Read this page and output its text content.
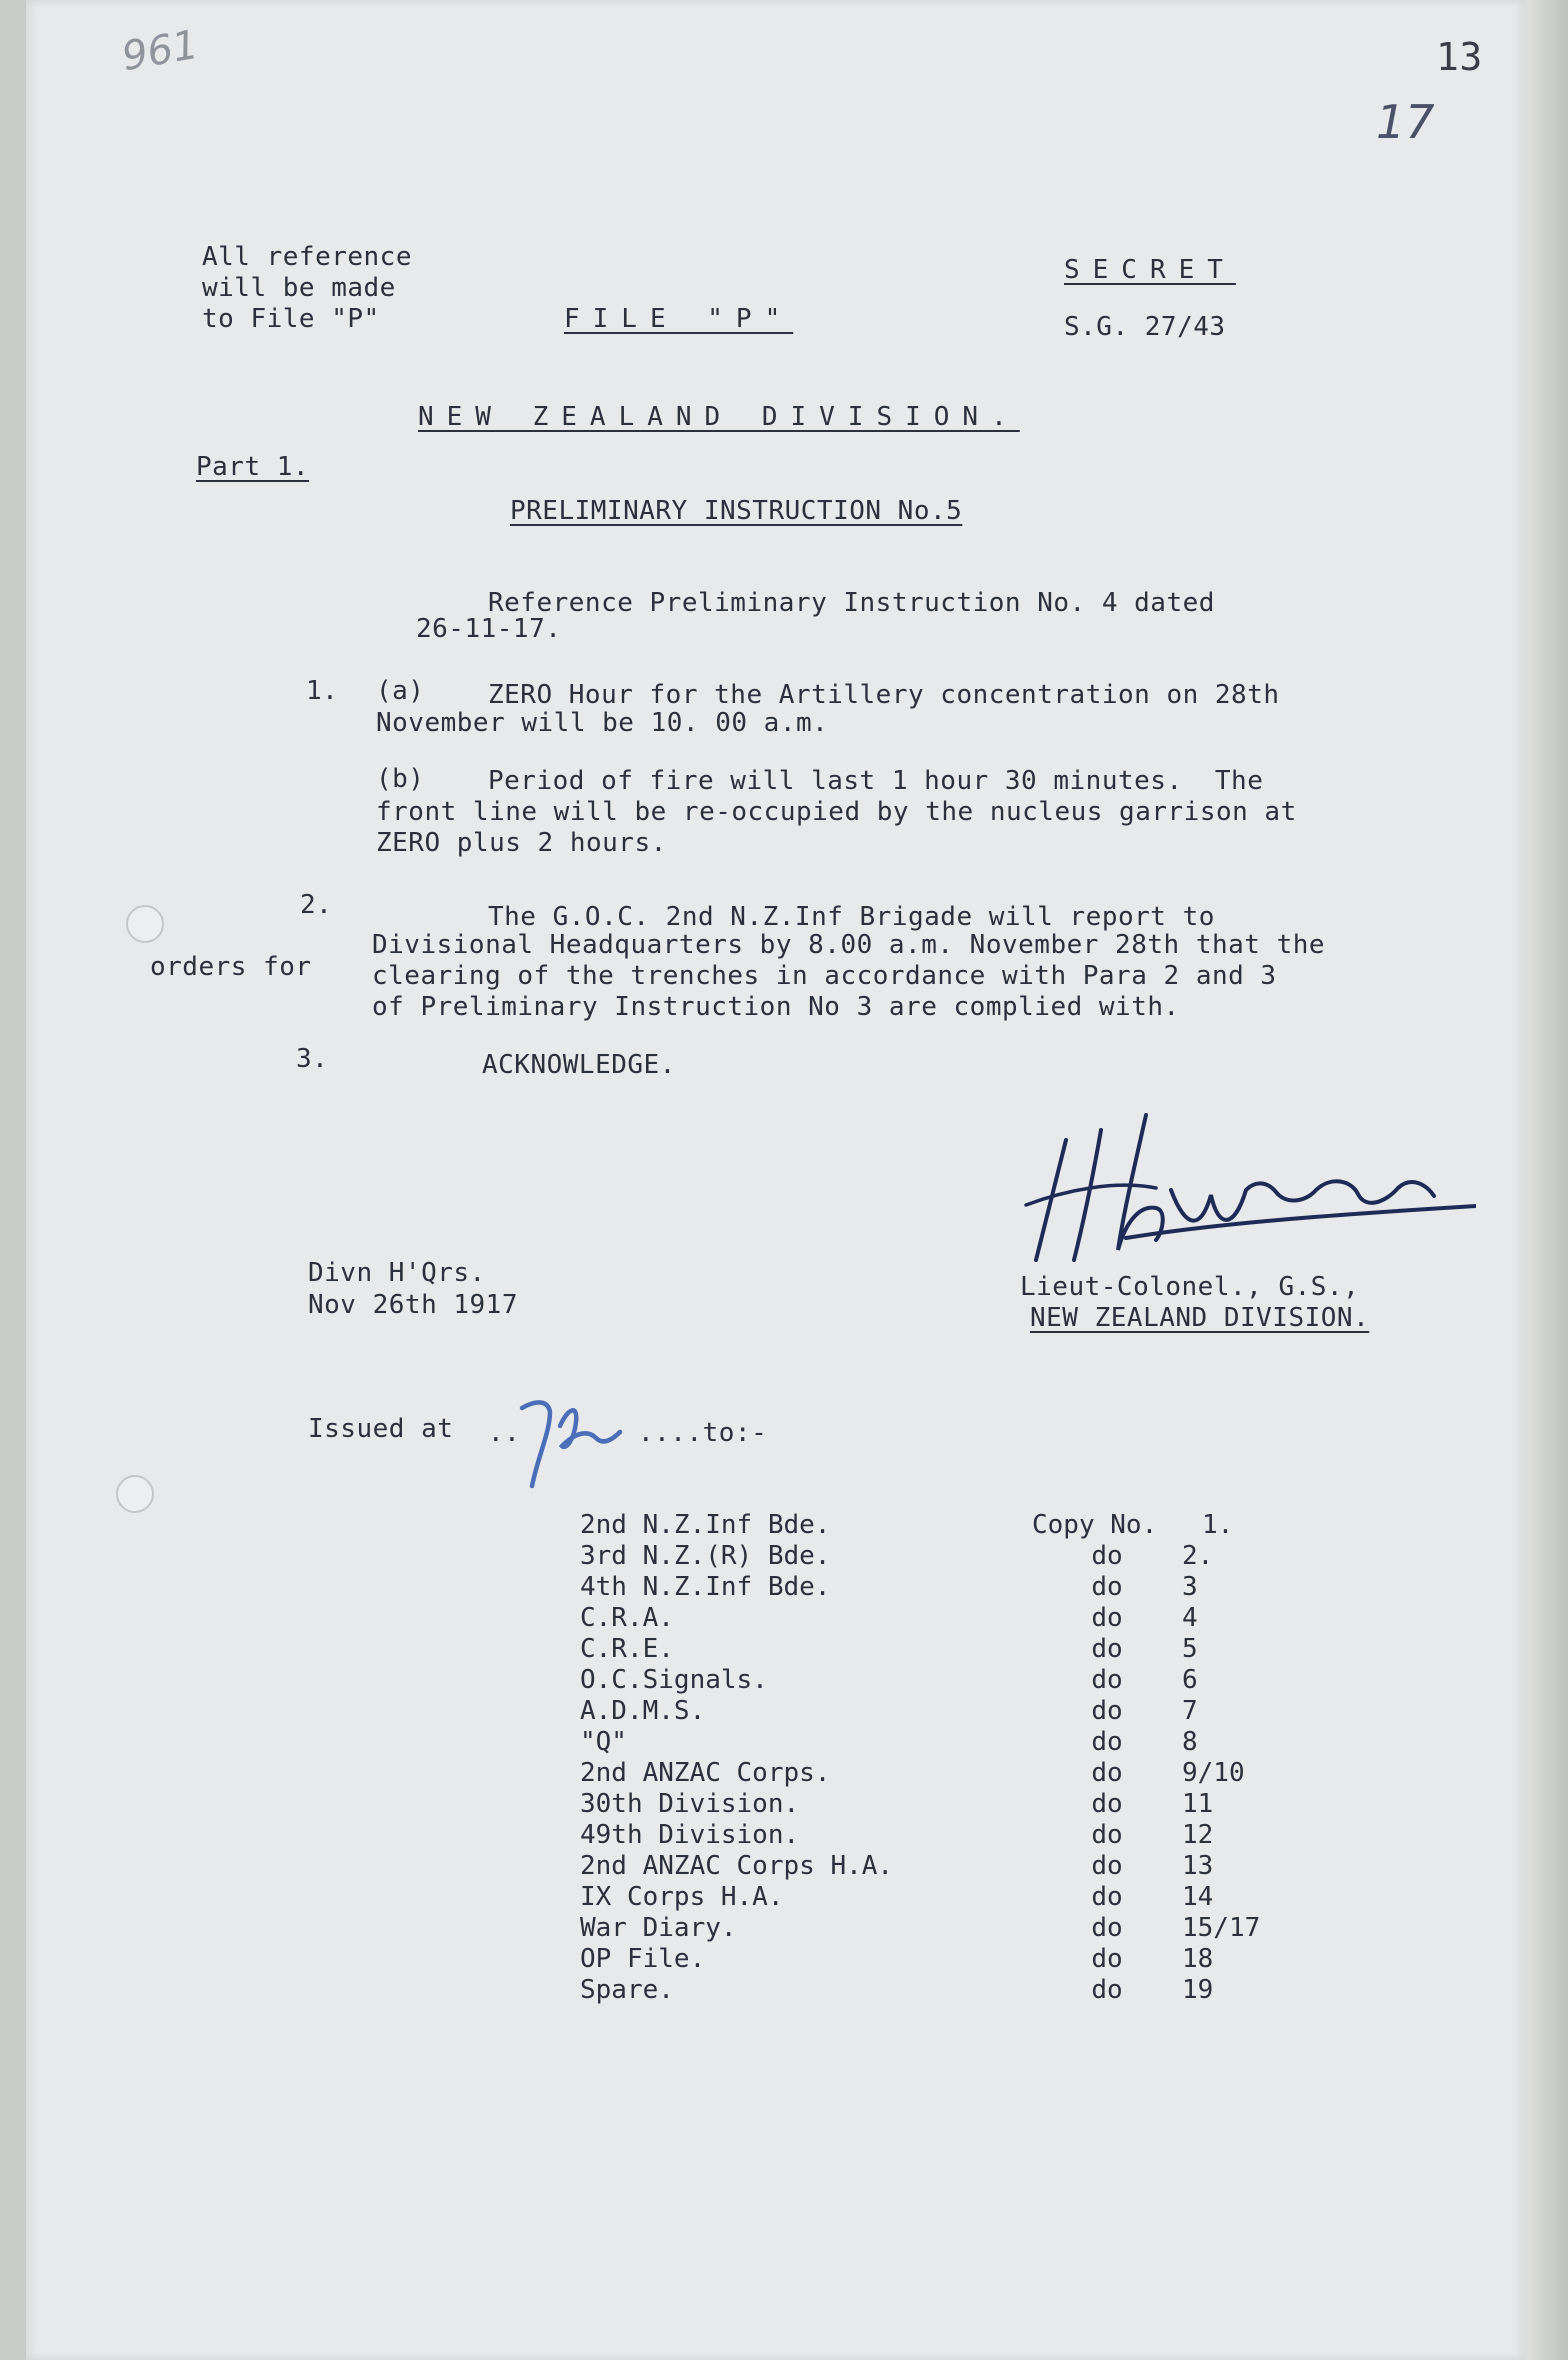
961	13

17

All reference

will be made

to File "P"	FILE "P"

SECRET

S.G. 27/43

NEW ZEALAND DIVISION.

Part 1.

PRELIMINARY INSTRUCTION No.5

Reference Preliminary Instruction No. 4 dated

26-11-17.

1. (a) ZERO Hour for the Artillery concentration on 28th

November will be 10. 00 a.m.

(b) Period of fire will last 1 hour 30 minutes.  The

front line will be re-occupied by the nucleus garrison at

ZERO plus 2 hours.

2.	The G.O.C. 2nd N.Z.Inf Brigade will report to

Divisional Headquarters by 8.00 a.m. November 28th that the

orders for clearing of the trenches in accordance with Para 2 and 3

of Preliminary Instruction No 3 are complied with.

3.	ACKNOWLEDGE.

Divn H'Qrs.

Nov 26th 1917

Lieut-Colonel., G.S.,

NEW ZEALAND DIVISION.

Issued at ..	....to:-

2nd N.Z.Inf Bde.	Copy No.	1.
3rd N.Z.(R) Bde.	do	2.
4th N.Z.Inf Bde.	do	3
C.R.A.	do	4
C.R.E.	do	5
O.C.Signals.	do	6
A.D.M.S.	do	7
"Q"	do	8
2nd ANZAC Corps.	do	9/10
30th Division.	do	11
49th Division.	do	12
2nd ANZAC Corps H.A.	do	13
IX Corps H.A.	do	14
War Diary.	do	15/17
OP File.	do	18
Spare.	do	19
